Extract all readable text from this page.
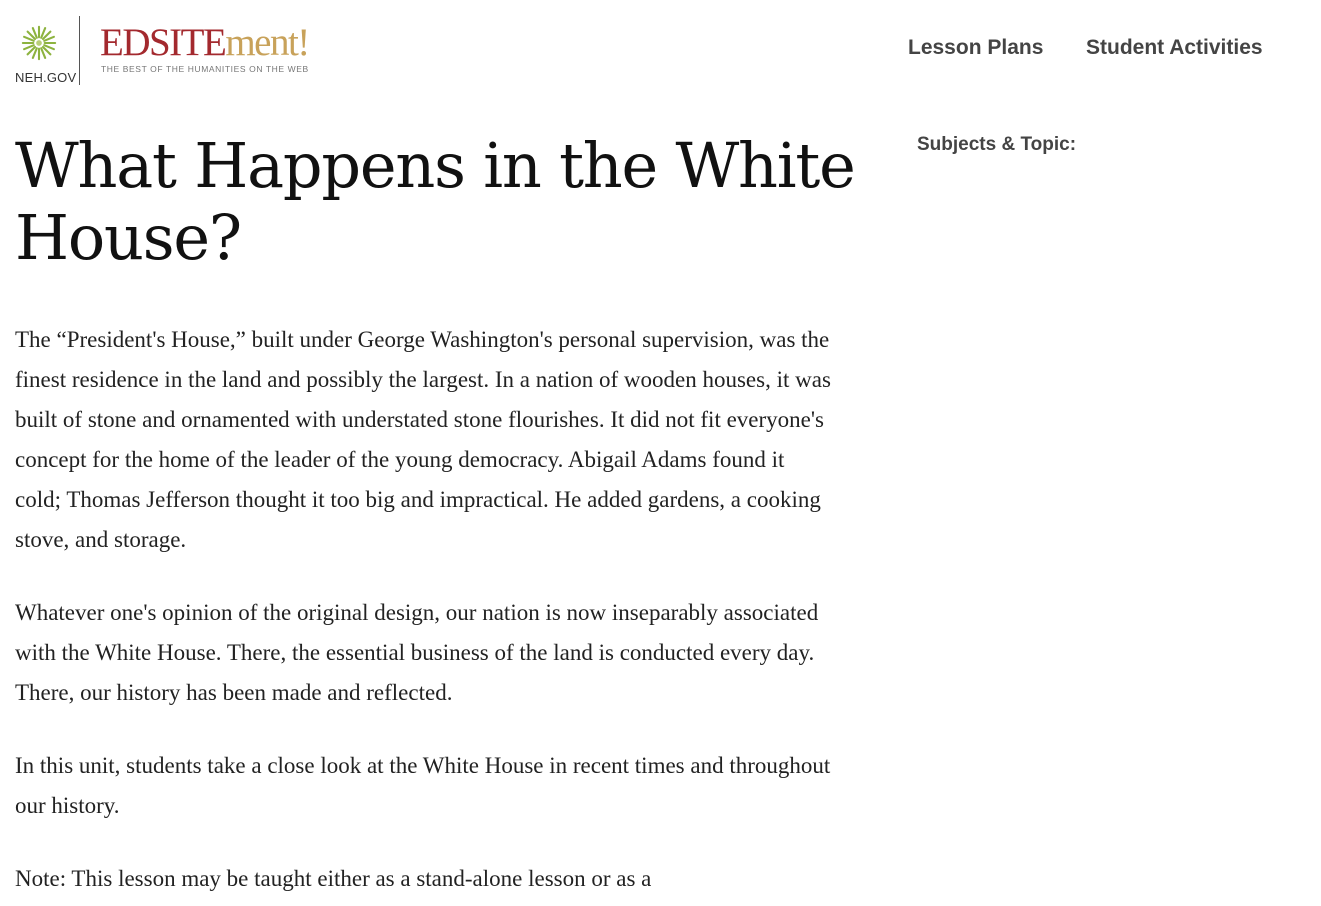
NEH.GOV
EDSITEment!
THE BEST OF THE HUMANITIES ON THE WEB
Lesson Plans Student Activities
What Happens in the White House?

The “President's House,” built under George Washington's personal supervision, was the finest residence in the land and possibly the largest. In a nation of wooden houses, it was built of stone and ornamented with understated stone flourishes. It did not fit everyone's concept for the home of the leader of the young democracy. Abigail Adams found it cold; Thomas Jefferson thought it too big and impractical. He added gardens, a cooking stove, and storage.

Whatever one's opinion of the original design, our nation is now inseparably associated with the White House. There, the essential business of the land is conducted every day. There, our history has been made and reflected.

In this unit, students take a close look at the White House in recent times and throughout our history.

Note: This lesson may be taught either as a stand-alone lesson or as a

Subjects & Topic:
